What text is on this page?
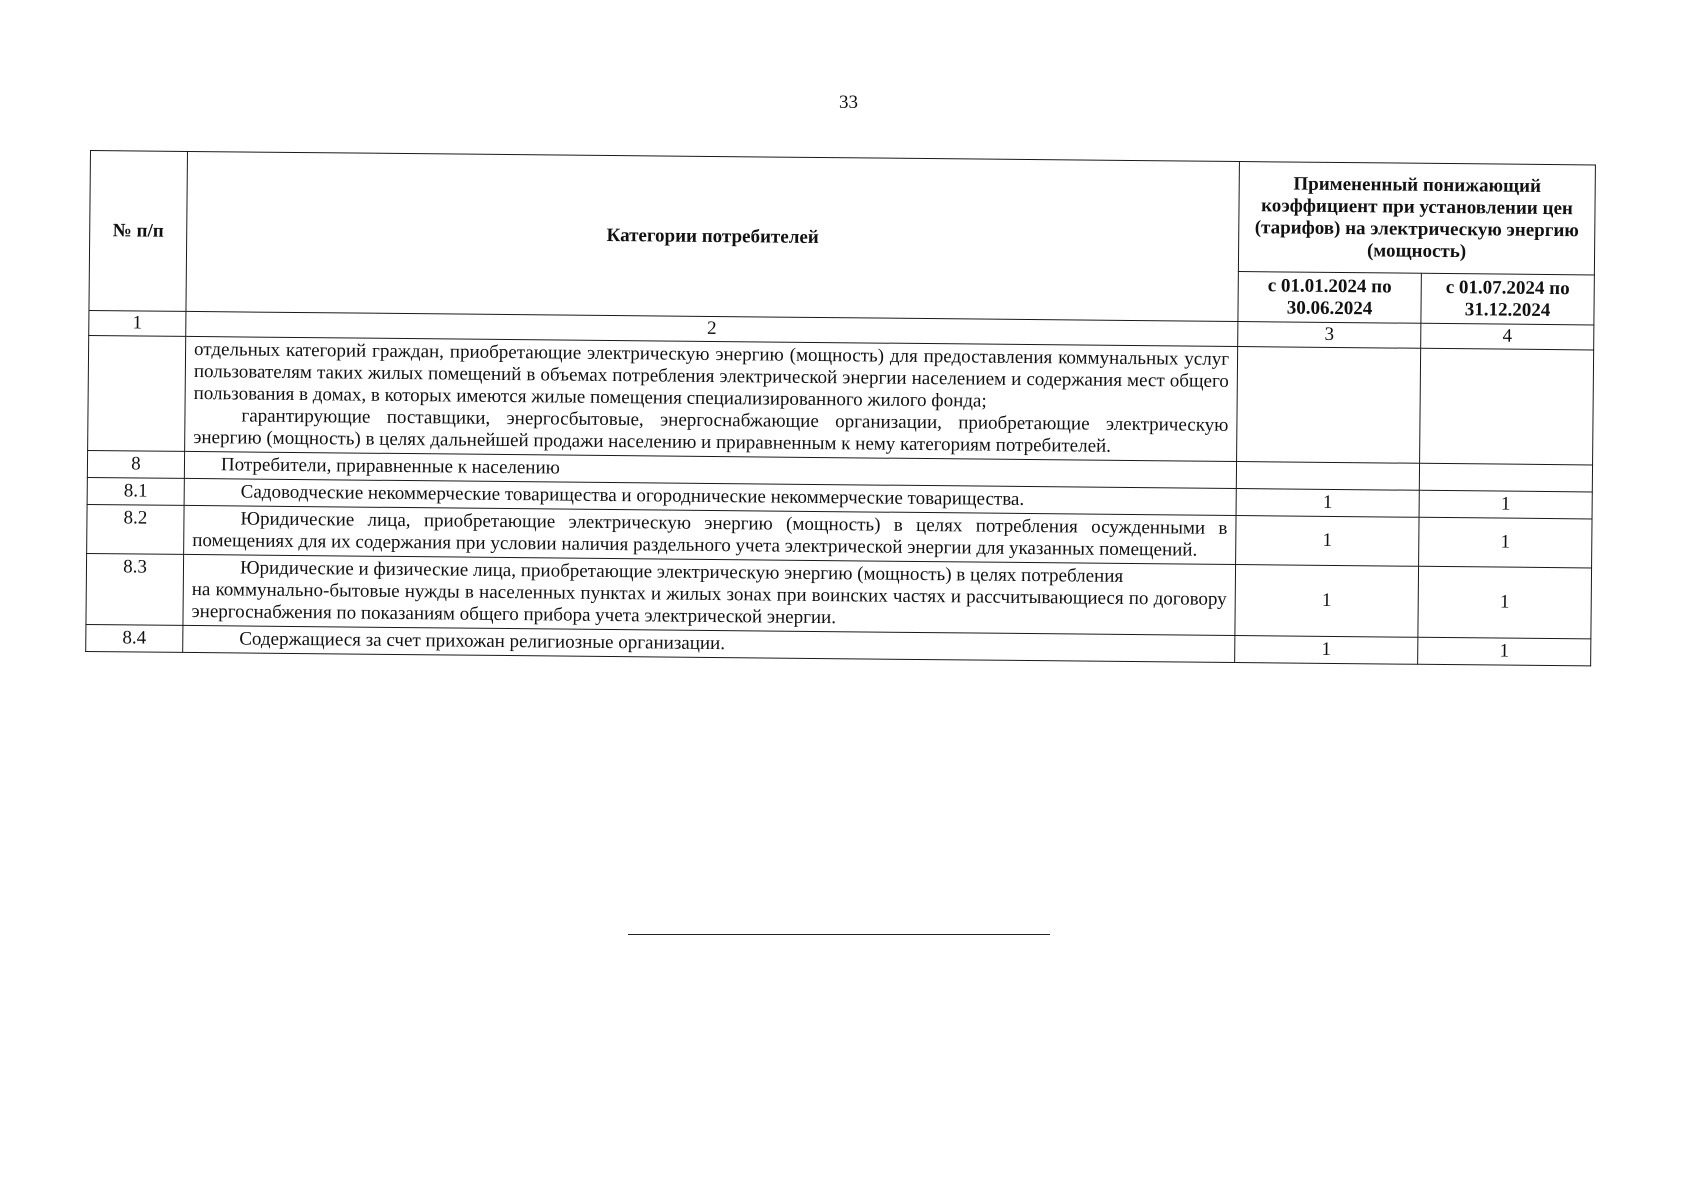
33
№ п/п	Категории потребителей	Примененный понижающий коэффициент при установлении цен (тарифов) на электрическую энергию (мощность)	
		с 01.01.2024 по 30.06.2024	с 01.07.2024 по 31.12.2024
1	2	3	4

	отдельных категорий граждан, приобретающие электрическую энергию (мощность) для предоставления коммунальных услуг пользователям таких жилых помещений в объемах потребления электрической энергии населением и содержания мест общего пользования в домах, в которых имеются жилые помещения специализированного жилого фонда;

гарантирующие поставщики, энергосбытовые, энергоснабжающие организации, приобретающие электрическую энергию (мощность) в целях дальнейшей продажи населению и приравненным к нему категориям потребителей.		

8	Потребители, приравненные к населению		

8.1	Садоводческие некоммерческие товарищества и огороднические некоммерческие товарищества.	1	1
8.2	Юридические лица, приобретающие электрическую энергию (мощность) в целях потребления осужденными в помещениях для их содержания при условии наличия раздельного учета электрической энергии для указанных помещений.	1	1
8.3	Юридические и физические лица, приобретающие электрическую энергию (мощность) в целях потребления

на коммунально-бытовые нужды в населенных пунктах и жилых зонах при воинских частях и рассчитывающиеся по договору энергоснабжения по показаниям общего прибора учета электрической энергии.	1	1
8.4	Содержащиеся за счет прихожан религиозные организации.	1	1
